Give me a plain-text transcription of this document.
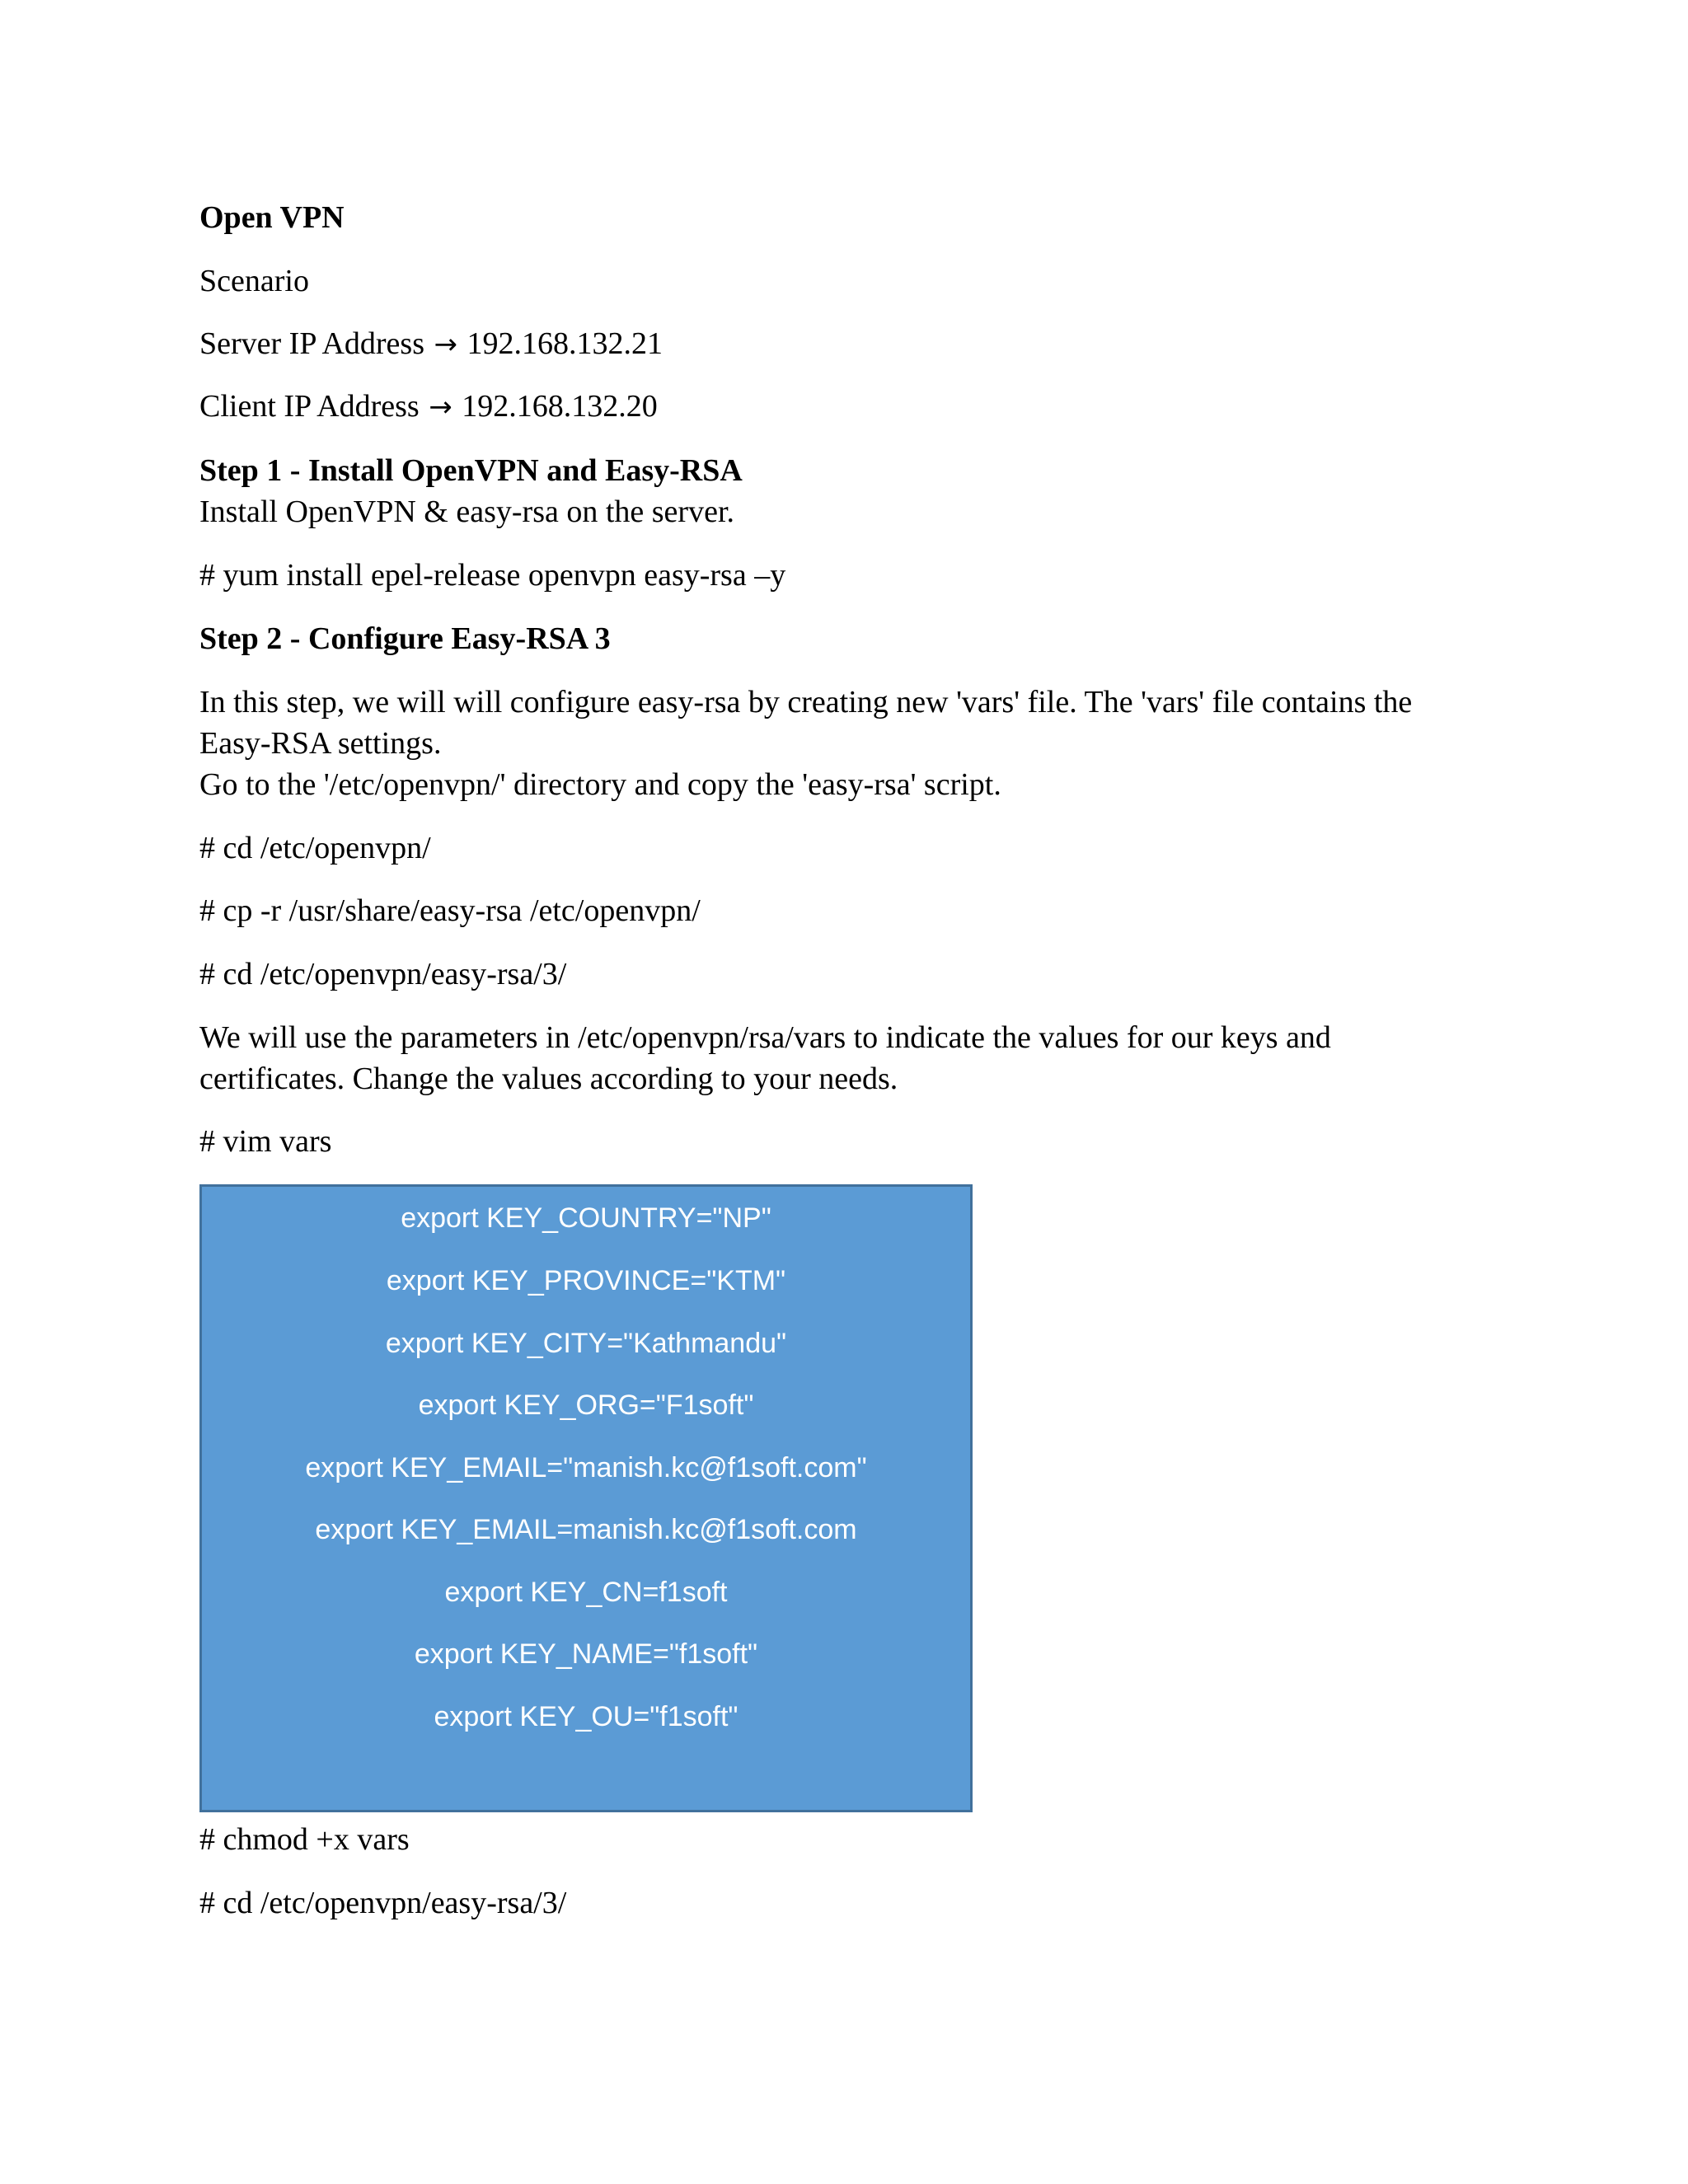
Open VPN
Scenario
Server IP Address → 192.168.132.21
Client IP Address → 192.168.132.20
Step 1 - Install OpenVPN and Easy-RSA
Install OpenVPN & easy-rsa on the server.
# yum install epel-release openvpn easy-rsa –y
Step 2 - Configure Easy-RSA 3
In this step, we will will configure easy-rsa by creating new 'vars' file. The 'vars' file contains the
Easy-RSA settings.
Go to the '/etc/openvpn/' directory and copy the 'easy-rsa' script.
# cd /etc/openvpn/
# cp -r /usr/share/easy-rsa /etc/openvpn/
# cd /etc/openvpn/easy-rsa/3/
We will use the parameters in /etc/openvpn/rsa/vars to indicate the values for our keys and
certificates. Change the values according to your needs.
# vim vars
export KEY_COUNTRY="NP"
export KEY_PROVINCE="KTM"
export KEY_CITY="Kathmandu"
export KEY_ORG="F1soft"
export KEY_EMAIL="manish.kc@f1soft.com"
export KEY_EMAIL=manish.kc@f1soft.com
export KEY_CN=f1soft
export KEY_NAME="f1soft"
export KEY_OU="f1soft"
# chmod +x vars
# cd /etc/openvpn/easy-rsa/3/
